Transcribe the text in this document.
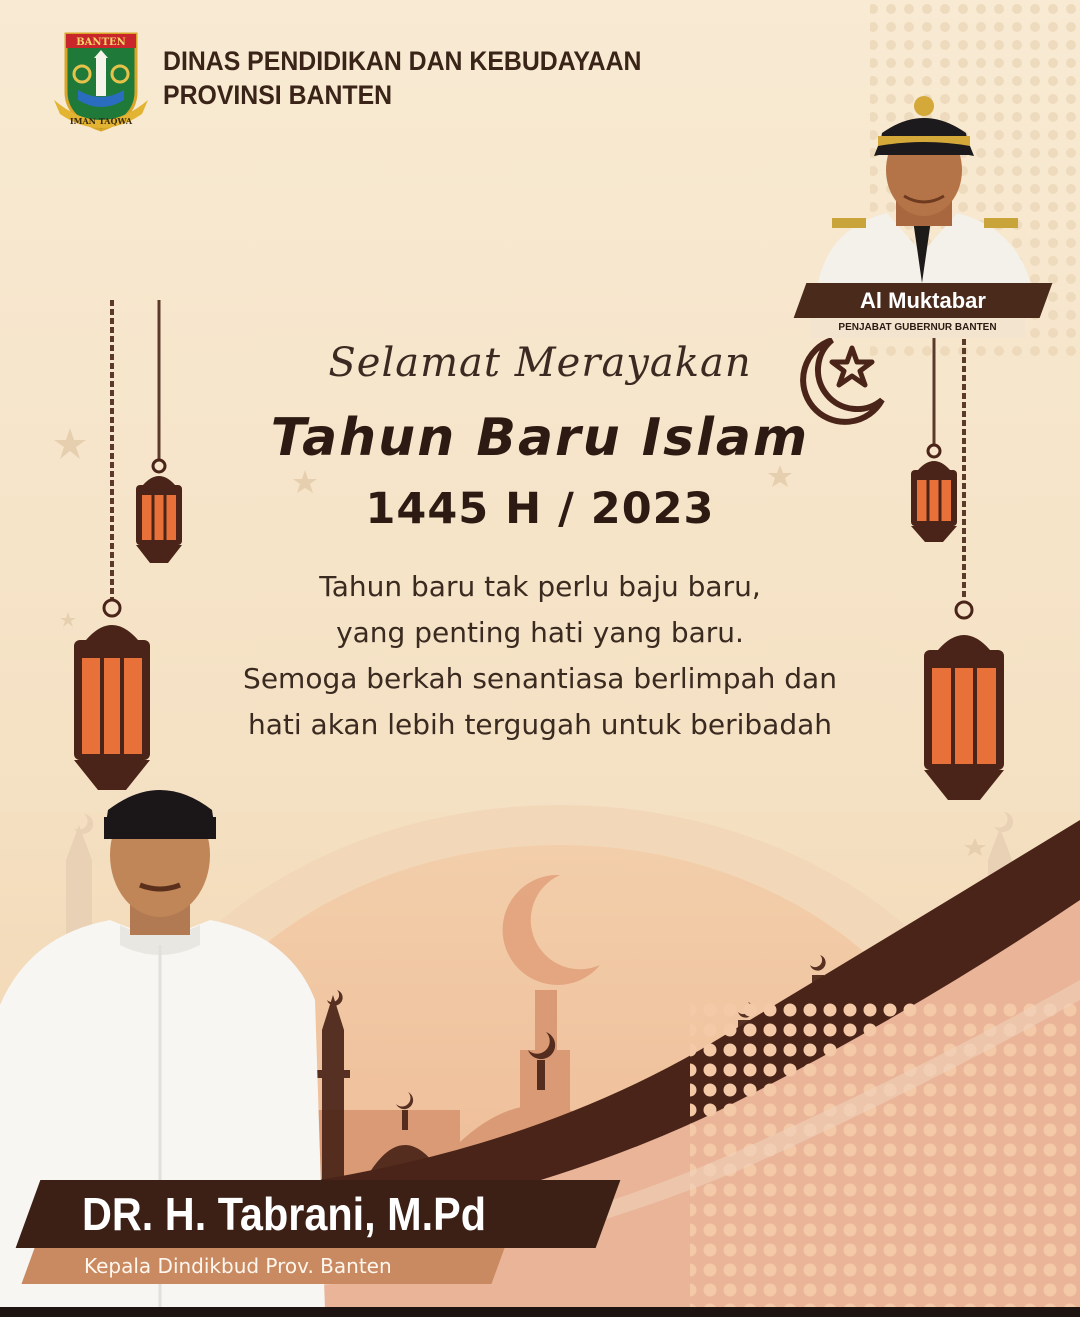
BANTEN
IMAN TAQWA
DINAS PENDIDIKAN DAN KEBUDAYAAN
PROVINSI BANTEN
Al Muktabar
PENJABAT GUBERNUR BANTEN
Selamat Merayakan
Tahun Baru Islam
1445 H / 2023
Tahun baru tak perlu baju baru,
yang penting hati yang baru.
Semoga berkah senantiasa berlimpah dan
hati akan lebih tergugah untuk beribadah
DR. H. Tabrani, M.Pd
Kepala Dindikbud Prov. Banten
